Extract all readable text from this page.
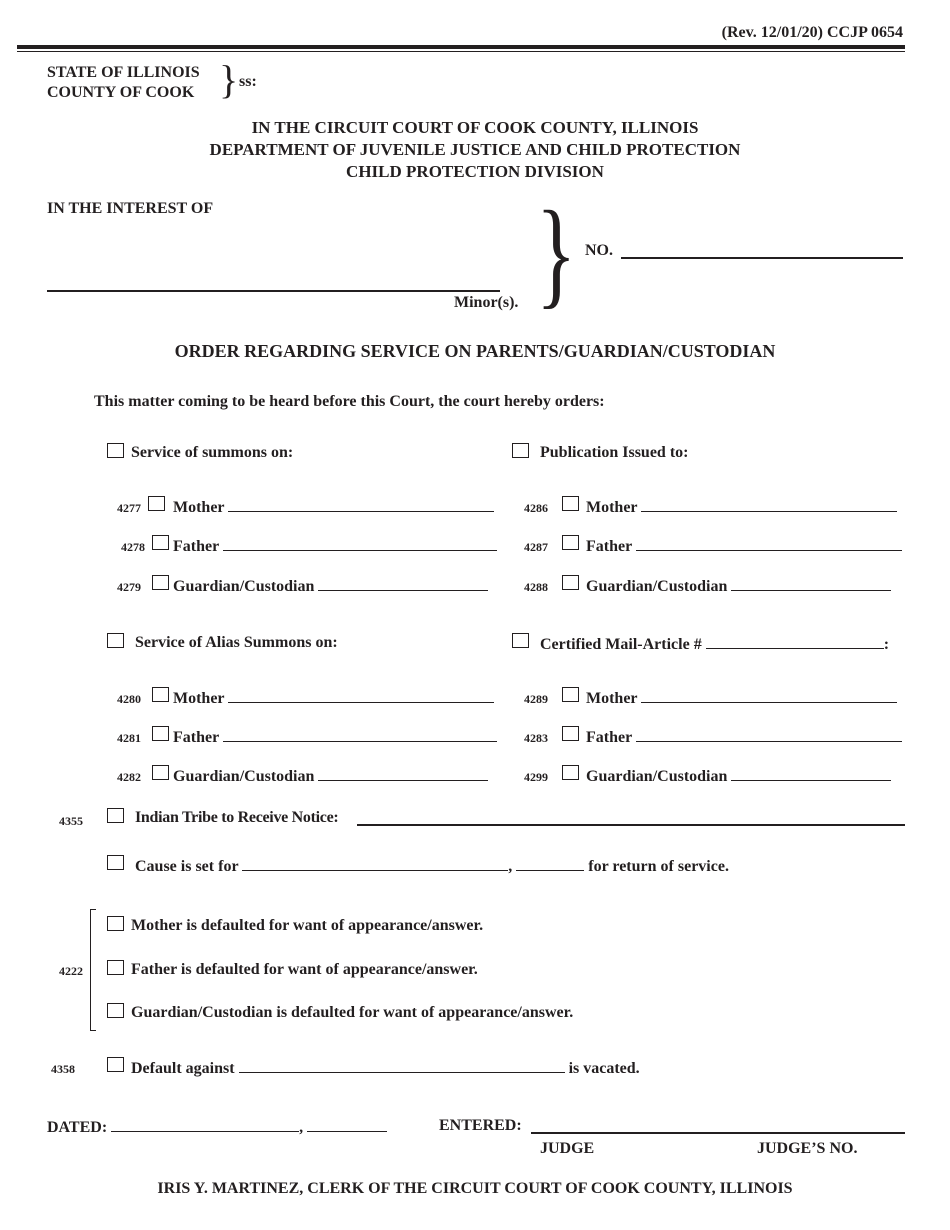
(Rev. 12/01/20) CCJP 0654
STATE OF ILLINOIS
COUNTY OF COOK } ss:
IN THE CIRCUIT COURT OF COOK COUNTY, ILLINOIS
DEPARTMENT OF JUVENILE JUSTICE AND CHILD PROTECTION
CHILD PROTECTION DIVISION
IN THE INTEREST OF
Minor(s). } NO.
ORDER REGARDING SERVICE ON PARENTS/GUARDIAN/CUSTODIAN
This matter coming to be heard before this Court, the court hereby orders:
Service of summons on:
4277 Mother
4278 Father
4279 Guardian/Custodian
Publication Issued to:
4286 Mother
4287 Father
4288 Guardian/Custodian
Service of Alias Summons on:
4280 Mother
4281 Father
4282 Guardian/Custodian
Certified Mail-Article #	:
4289 Mother
4283 Father
4299 Guardian/Custodian
4355	Indian Tribe to Receive Notice:
Cause is set for	,	for return of service.
4222
Mother is defaulted for want of appearance/answer.
Father is defaulted for want of appearance/answer.
Guardian/Custodian is defaulted for want of appearance/answer.
4358	Default against	is vacated.
DATED:	,	ENTERED:
JUDGE	JUDGE’S NO.
IRIS Y. MARTINEZ, CLERK OF THE CIRCUIT COURT OF COOK COUNTY, ILLINOIS
